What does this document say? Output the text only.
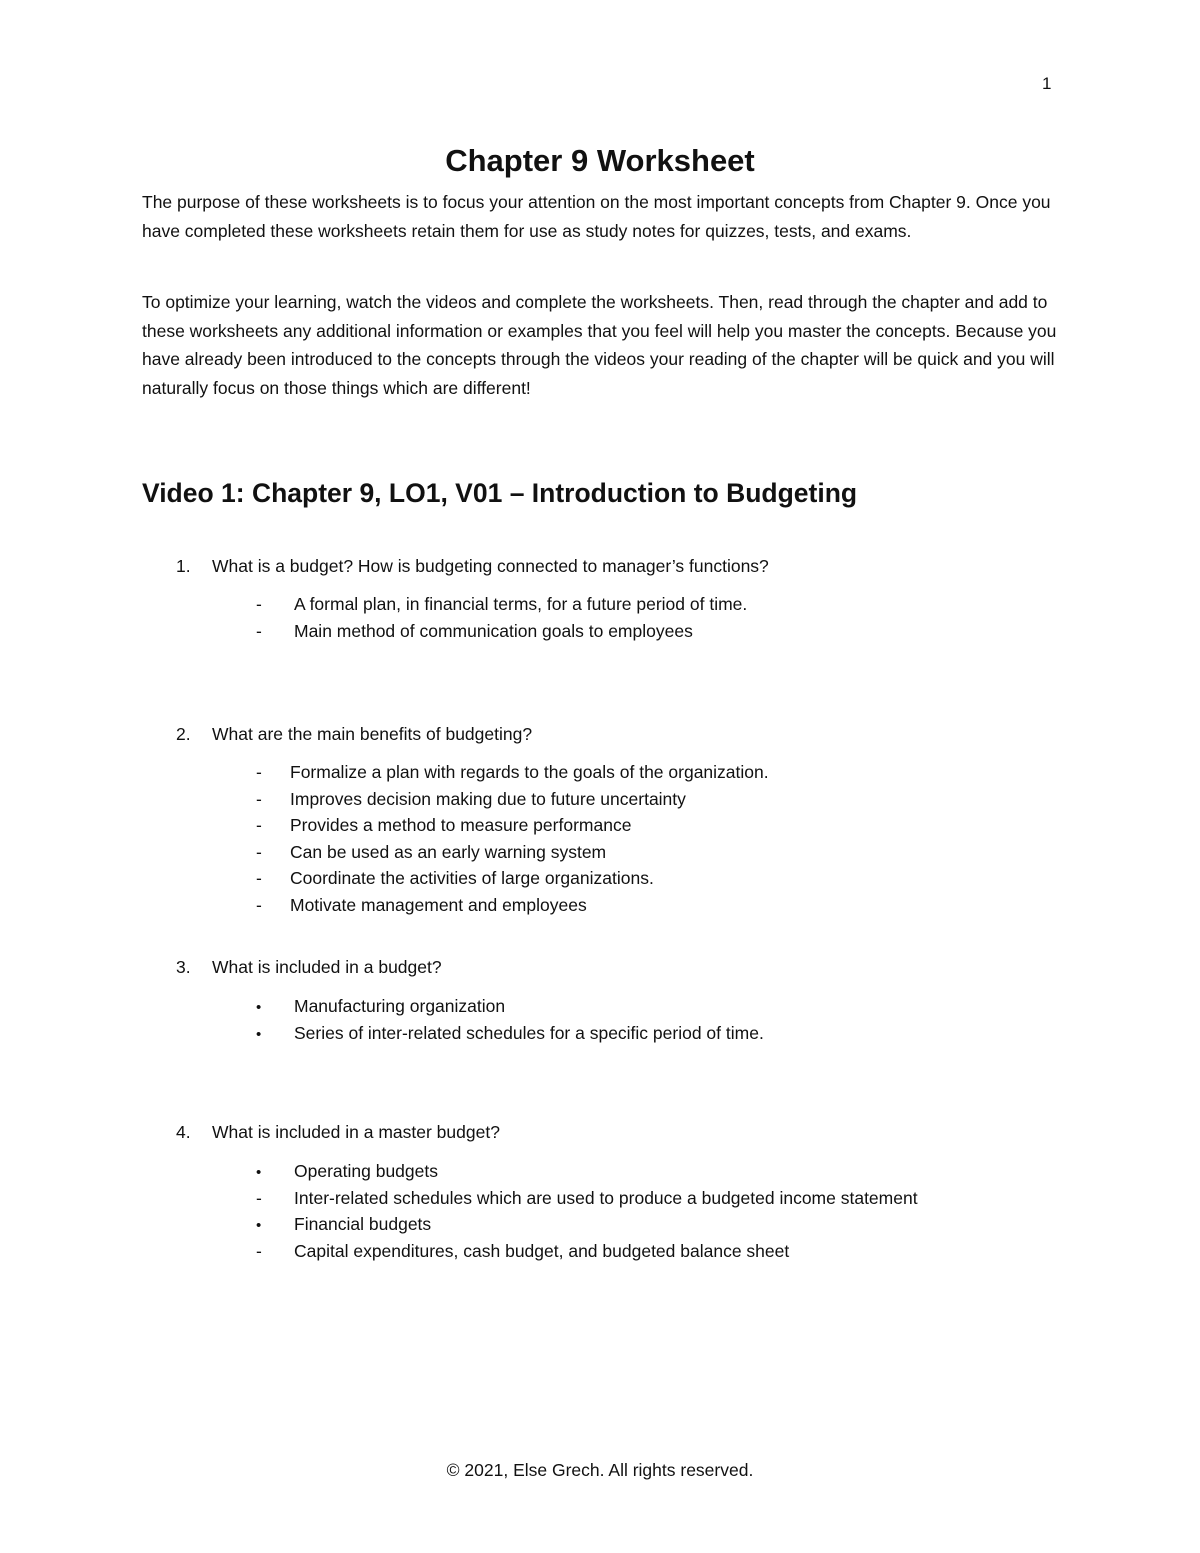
1
Chapter 9 Worksheet

The purpose of these worksheets is to focus your attention on the most important concepts from Chapter 9. Once you have completed these worksheets retain them for use as study notes for quizzes, tests, and exams.

To optimize your learning, watch the videos and complete the worksheets. Then, read through the chapter and add to these worksheets any additional information or examples that you feel will help you master the concepts. Because you have already been introduced to the concepts through the videos your reading of the chapter will be quick and you will naturally focus on those things which are different!

Video 1: Chapter 9, LO1, V01 – Introduction to Budgeting
1. What is a budget? How is budgeting connected to manager’s functions?
- A formal plan, in financial terms, for a future period of time.
- Main method of communication goals to employees
2. What are the main benefits of budgeting?
- Formalize a plan with regards to the goals of the organization.
- Improves decision making due to future uncertainty
- Provides a method to measure performance
- Can be used as an early warning system
- Coordinate the activities of large organizations.
- Motivate management and employees
3. What is included in a budget?
• Manufacturing organization
• Series of inter-related schedules for a specific period of time.
4. What is included in a master budget?
• Operating budgets
- Inter-related schedules which are used to produce a budgeted income statement
• Financial budgets
- Capital expenditures, cash budget, and budgeted balance sheet
© 2021, Else Grech. All rights reserved.
